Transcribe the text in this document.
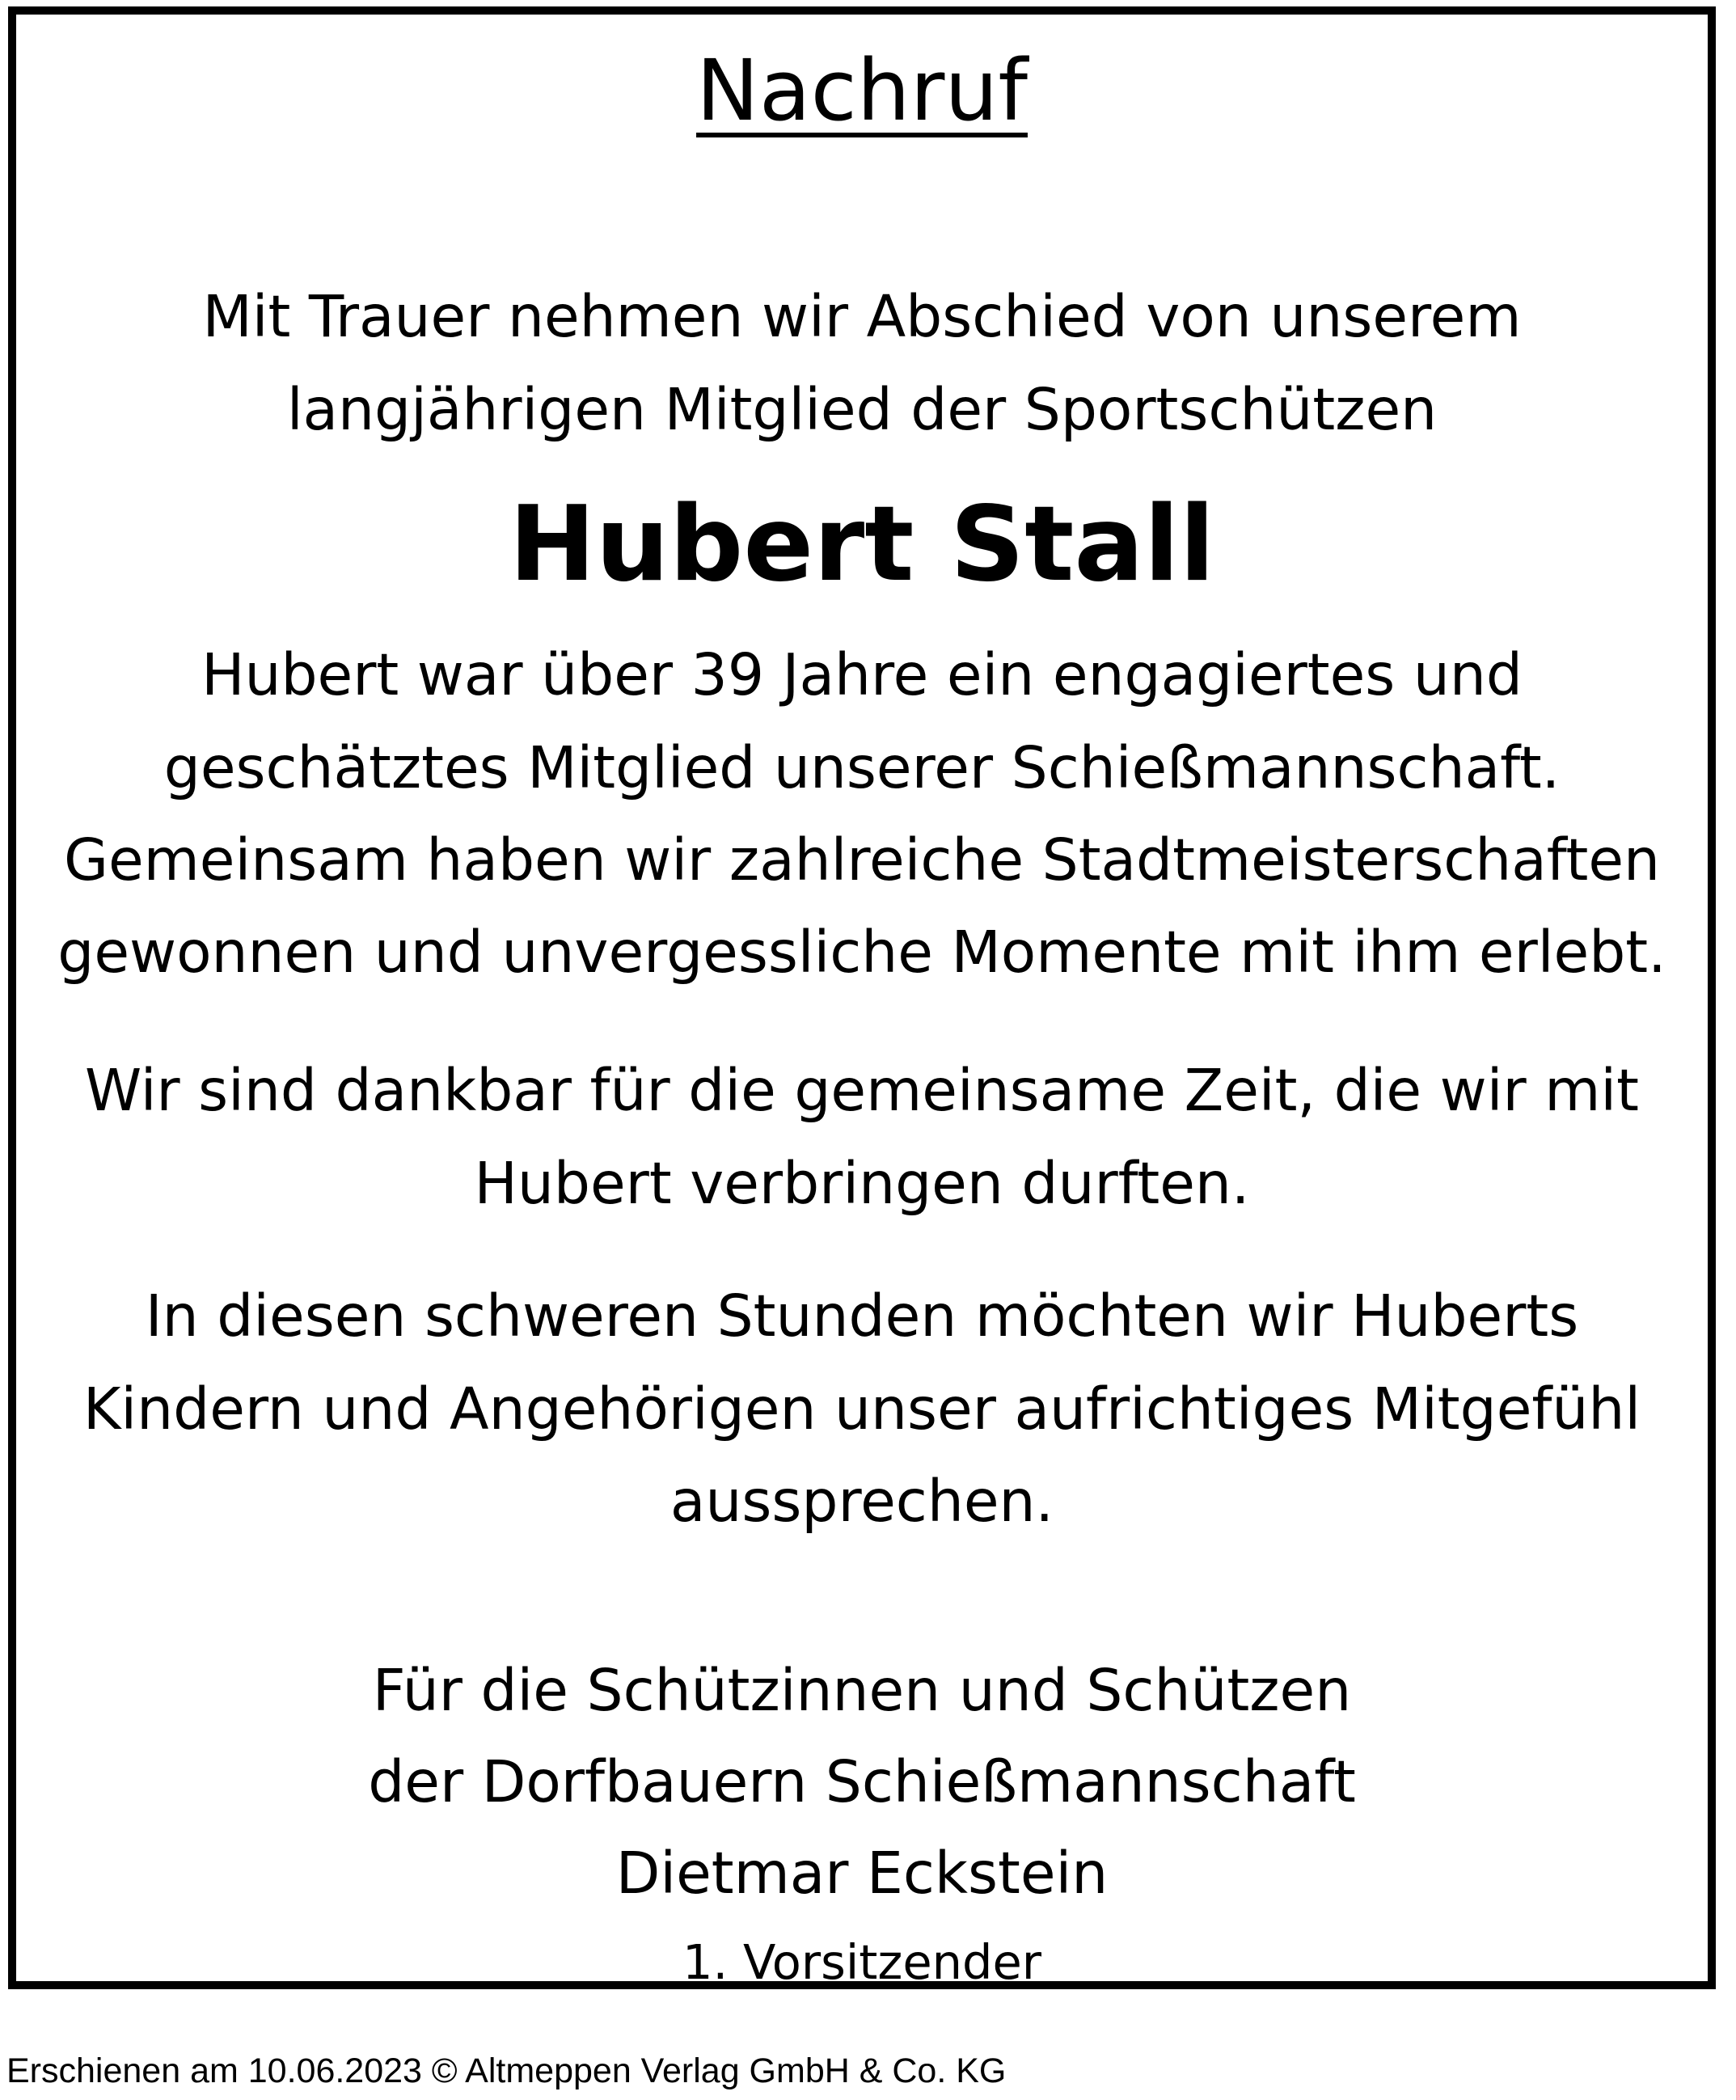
Nachruf
Mit Trauer nehmen wir Abschied von unserem
langjährigen Mitglied der Sportschützen
Hubert Stall
Hubert war über 39 Jahre ein engagiertes und
geschätztes Mitglied unserer Schießmannschaft.
Gemeinsam haben wir zahlreiche Stadtmeisterschaften
gewonnen und unvergessliche Momente mit ihm erlebt.
Wir sind dankbar für die gemeinsame Zeit, die wir mit
Hubert verbringen durften.
In diesen schweren Stunden möchten wir Huberts
Kindern und Angehörigen unser aufrichtiges Mitgefühl
aussprechen.
Für die Schützinnen und Schützen
der Dorfbauern Schießmannschaft
Dietmar Eckstein
1. Vorsitzender
Erschienen am 10.06.2023 © Altmeppen Verlag GmbH & Co. KG
